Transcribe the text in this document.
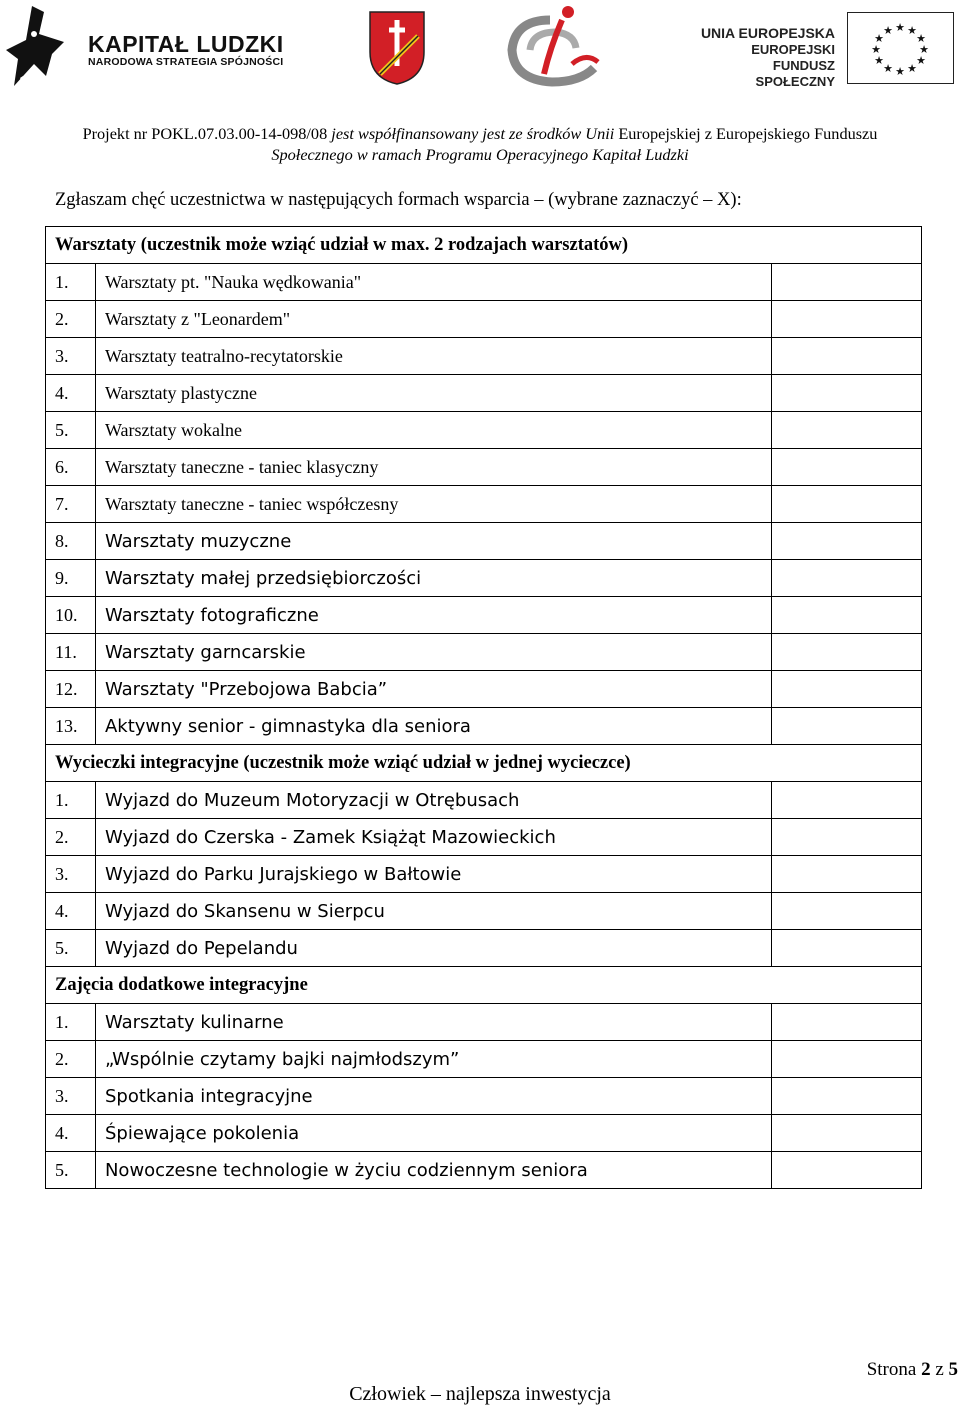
KAPITAŁ LUDZKI
NARODOWA STRATEGIA SPÓJNOŚCI
UNIA EUROPEJSKA
EUROPEJSKI
FUNDUSZ SPOŁECZNY
★ ★
★
★
★
★
★
★
★
★
★
★
Projekt nr POKL.07.03.00-14-098/08 jest współfinansowany jest ze środków Unii Europejskiej z Europejskiego Funduszu
Społecznego w ramach Programu Operacyjnego Kapitał Ludzki
Zgłaszam chęć uczestnictwa w następujących formach wsparcia – (wybrane zaznaczyć – X):
Warsztaty (uczestnik może wziąć udział w max. 2 rodzajach warsztatów)		
1.	Warsztaty pt. "Nauka wędkowania"	
2.	Warsztaty z "Leonardem"	
3.	Warsztaty teatralno-recytatorskie	
4.	Warsztaty plastyczne	
5.	Warsztaty wokalne	
6.	Warsztaty taneczne - taniec klasyczny	
7.	Warsztaty taneczne - taniec współczesny	
8.	Warsztaty muzyczne	
9.	Warsztaty małej przedsiębiorczości	
10.	Warsztaty fotograficzne	
11.	Warsztaty garncarskie	
12.	Warsztaty "Przebojowa Babcia”	
13.	Aktywny senior - gimnastyka dla seniora	
Wycieczki integracyjne (uczestnik może wziąć udział w jednej wycieczce)		
1.	Wyjazd do Muzeum Motoryzacji w Otrębusach	
2.	Wyjazd do Czerska - Zamek Książąt Mazowieckich	
3.	Wyjazd do Parku Jurajskiego w Bałtowie	
4.	Wyjazd do Skansenu w Sierpcu	
5.	Wyjazd do Pepelandu	
Zajęcia dodatkowe integracyjne		
1.	Warsztaty kulinarne	
2.	„Wspólnie czytamy bajki najmłodszym”	
3.	Spotkania integracyjne	
4.	Śpiewające pokolenia	
5.	Nowoczesne technologie w życiu codziennym seniora	
Strona 2 z 5
Człowiek – najlepsza inwestycja
